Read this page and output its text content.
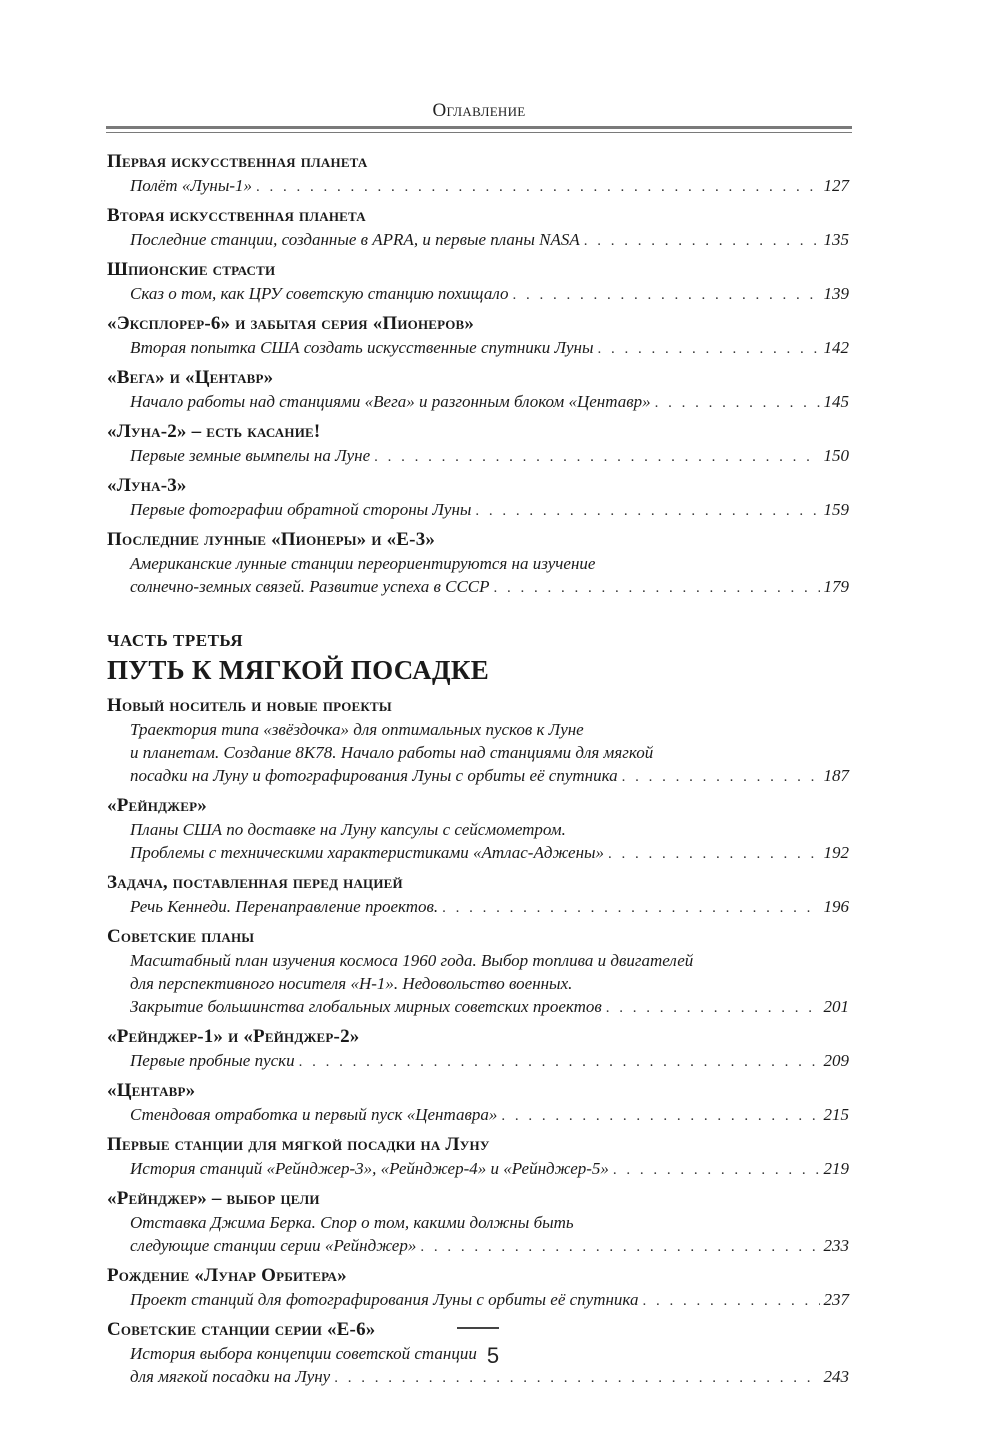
Оглавление
Первая искусственная планета
Полёт «Луны-1» . . .	127
Вторая искусственная планета
Последние станции, созданные в APRA, и первые планы NASA . . .	135
Шпионские страсти
Сказ о том, как ЦРУ советскую станцию похищало . . .	139
«Эксплорер-6» и забытая серия «Пионеров»
Вторая попытка США создать искусственные спутники Луны . . .	142
«Вега» и «Центавр»
Начало работы над станциями «Вега» и разгонным блоком «Центавр» . . .	145
«Луна-2» – есть касание!
Первые земные вымпелы на Луне . . .	150
«Луна-3»
Первые фотографии обратной стороны Луны . . .	159
Последние лунные «Пионеры» и «Е-3»
Американские лунные станции переориентируются на изучение
солнечно-земных связей. Развитие успеха в СССР . . .	179
ЧАСТЬ ТРЕТЬЯ
ПУТЬ К МЯГКОЙ ПОСАДКЕ
Новый носитель и новые проекты
Траектория типа «звёздочка» для оптимальных пусков к Луне
и планетам. Создание 8К78. Начало работы над станциями для мягкой
посадки на Луну и фотографирования Луны с орбиты её спутника . . .	187
«Рейнджер»
Планы США по доставке на Луну капсулы с сейсмометром.
Проблемы с техническими характеристиками «Атлас-Аджены» . . .	192
Задача, поставленная перед нацией
Речь Кеннеди. Перенаправление проектов. . . .	196
Советские планы
Масштабный план изучения космоса 1960 года. Выбор топлива и двигателей
для перспективного носителя «Н-1». Недовольство военных.
Закрытие большинства глобальных мирных советских проектов . . .	201
«Рейнджер-1» и «Рейнджер-2»
Первые пробные пуски . . .	209
«Центавр»
Стендовая отработка и первый пуск «Центавра» . . .	215
Первые станции для мягкой посадки на Луну
История станций «Рейнджер-3», «Рейнджер-4» и «Рейнджер-5» . . .	219
«Рейнджер» – выбор цели
Отставка Джима Берка. Спор о том, какими должны быть
следующие станции серии «Рейнджер» . . .	233
Рождение «Лунар Орбитера»
Проект станций для фотографирования Луны с орбиты её спутника . . .	237
Советские станции серии «Е-6»
История выбора концепции советской станции
для мягкой посадки на Луну . . .	243
5
